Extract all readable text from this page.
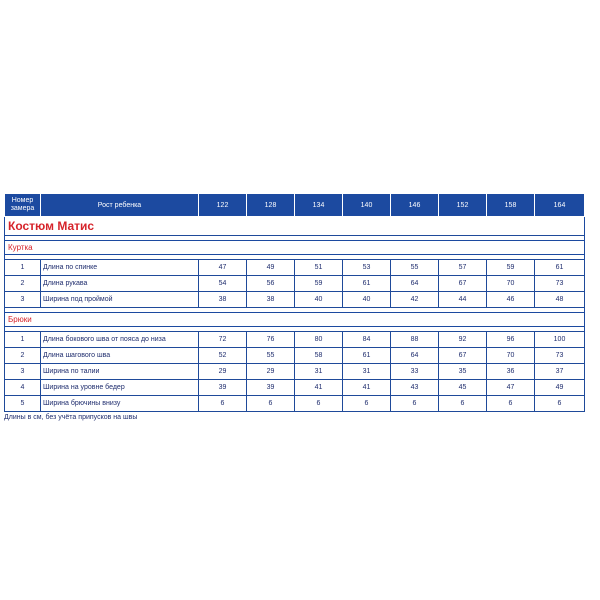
Номер замера	Рост ребенка	122	128	134	140	146	152	158	164
Костюм Матис									

Куртка									

1	Длина по спинке	47	49	51	53	55	57	59	61
2	Длина рукава	54	56	59	61	64	67	70	73
3	Ширина под проймой	38	38	40	40	42	44	46	48

Брюки									

1	Длина бокового шва от пояса до низа	72	76	80	84	88	92	96	100
2	Длина шагового шва	52	55	58	61	64	67	70	73
3	Ширина по талии	29	29	31	31	33	35	36	37
4	Ширина на уровне бедер	39	39	41	41	43	45	47	49
5	Ширина брючины внизу	6	6	6	6	6	6	6	6
Длины в см, без учёта припусков на швы
